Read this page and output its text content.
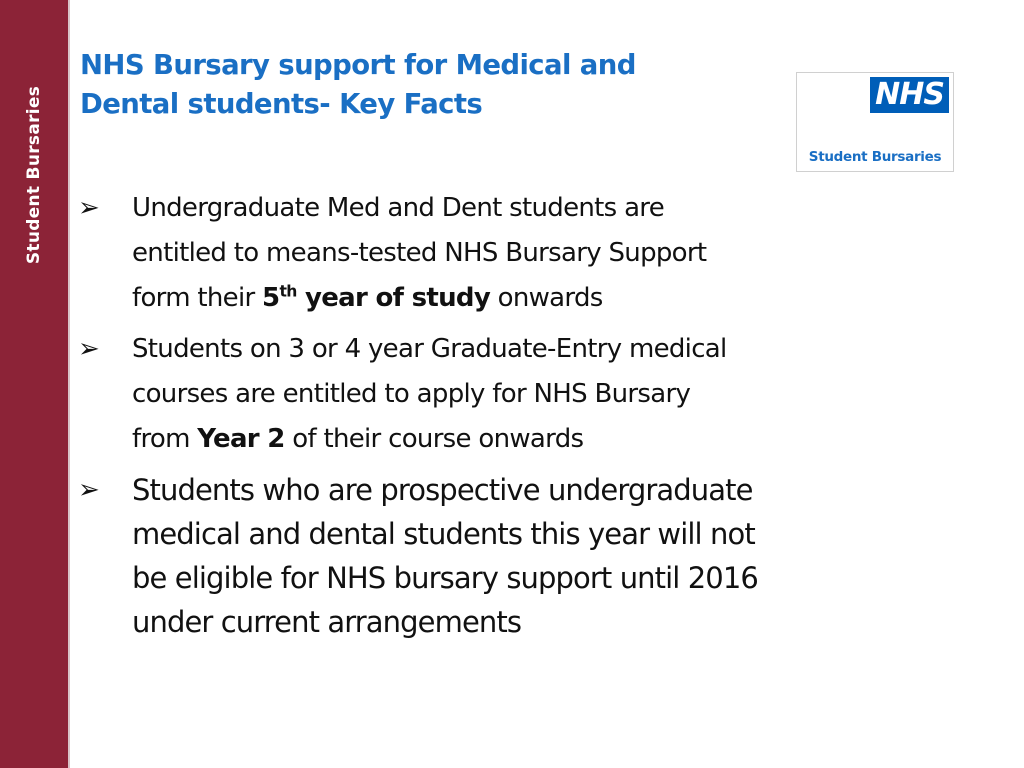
Student Bursaries
NHS Bursary support for Medical and
Dental students- Key Facts	NHS
Student Bursaries
➢ Undergraduate Med and Dent students are
entitled to means-tested NHS Bursary Support
form their 5th year of study onwards
➢ Students on 3 or 4 year Graduate-Entry medical
courses are entitled to apply for NHS Bursary
from Year 2 of their course onwards
➢ Students who are prospective undergraduate
medical and dental students this year will not
be eligible for NHS bursary support until 2016
under current arrangements
